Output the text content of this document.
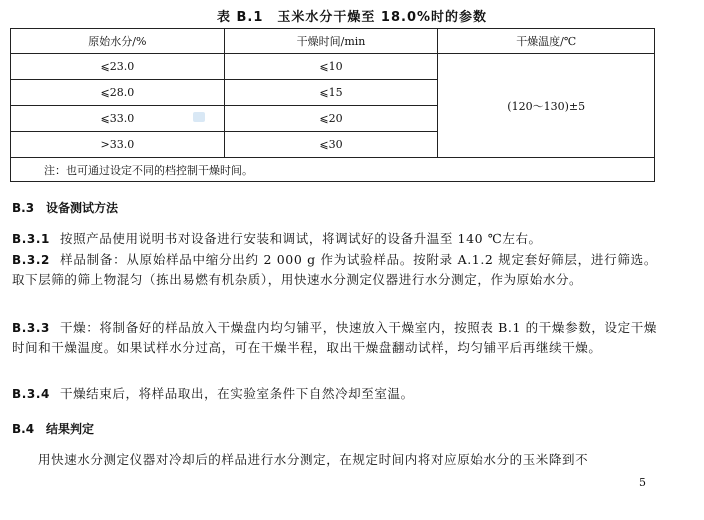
表 B.1　玉米水分干燥至 18.0%时的参数
原始水分/%	干燥时间/min	干燥温度/℃
⩽23.0	⩽10	(120～130)±5
⩽28.0	⩽15	
⩽33.0	⩽20	
>33.0	⩽30	
注：也可通过设定不同的档控制干燥时间。		
B.3 设备测试方法
B.3.1 按照产品使用说明书对设备进行安装和调试，将调试好的设备升温至 140 ℃左右。
B.3.2 样品制备：从原始样品中缩分出约 2 000 g 作为试验样品。按附录 A.1.2 规定套好筛层，进行筛选。取下层筛的筛上物混匀（拣出易燃有机杂质），用快速水分测定仪器进行水分测定，作为原始水分。
B.3.3 干燥：将制备好的样品放入干燥盘内均匀铺平，快速放入干燥室内，按照表 B.1 的干燥参数，设定干燥时间和干燥温度。如果试样水分过高，可在干燥半程，取出干燥盘翻动试样，均匀铺平后再继续干燥。
B.3.4 干燥结束后，将样品取出，在实验室条件下自然冷却至室温。
B.4 结果判定
用快速水分测定仪器对冷却后的样品进行水分测定，在规定时间内将对应原始水分的玉米降到不
5
